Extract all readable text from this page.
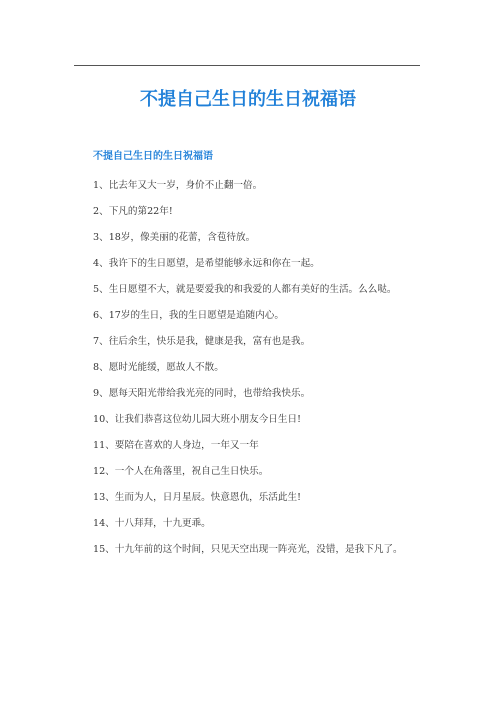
不提自己生日的生日祝福语

不提自己生日的生日祝福语

1、比去年又大一岁，身价不止翻一倍。
2、下凡的第22年!
3、18岁，像美丽的花蕾，含苞待放。
4、我许下的生日愿望，是希望能够永远和你在一起。
5、生日愿望不大，就是要爱我的和我爱的人都有美好的生活。么么哒。
6、17岁的生日，我的生日愿望是追随内心。
7、往后余生，快乐是我，健康是我，富有也是我。
8、愿时光能缓，愿故人不散。
9、愿每天阳光带给我光亮的同时，也带给我快乐。
10、让我们恭喜这位幼儿园大班小朋友今日生日!
11、要陪在喜欢的人身边，一年又一年
12、一个人在角落里，祝自己生日快乐。
13、生而为人，日月星辰。快意恩仇，乐活此生!
14、十八拜拜，十九更乖。
15、十九年前的这个时间，只见天空出现一阵亮光，没错，是我下凡了。
